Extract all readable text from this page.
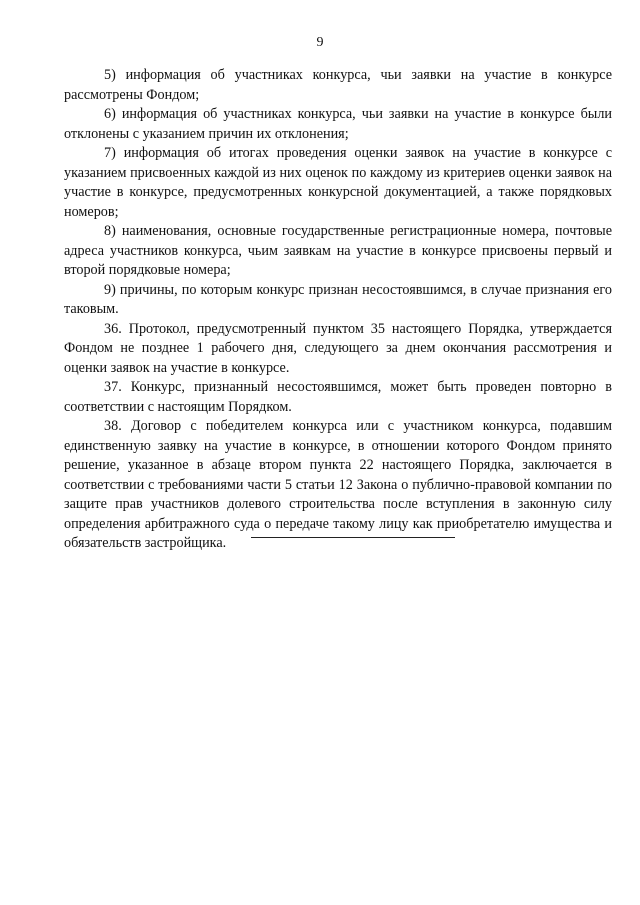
9

5) информация об участниках конкурса, чьи заявки на участие в конкурсе рассмотрены Фондом;

6) информация об участниках конкурса, чьи заявки на участие в конкурсе были отклонены с указанием причин их отклонения;

7) информация об итогах проведения оценки заявок на участие в конкурсе с указанием присвоенных каждой из них оценок по каждому из критериев оценки заявок на участие в конкурсе, предусмотренных конкурсной документацией, а также порядковых номеров;

8) наименования, основные государственные регистрационные номера, почтовые адреса участников конкурса, чьим заявкам на участие в конкурсе присвоены первый и второй порядковые номера;

9) причины, по которым конкурс признан несостоявшимся, в случае признания его таковым.

36. Протокол, предусмотренный пунктом 35 настоящего Порядка, утверждается Фондом не позднее 1 рабочего дня, следующего за днем окончания рассмотрения и оценки заявок на участие в конкурсе.

37. Конкурс, признанный несостоявшимся, может быть проведен повторно в соответствии с настоящим Порядком.

38. Договор с победителем конкурса или с участником конкурса, подавшим единственную заявку на участие в конкурсе, в отношении которого Фондом принято решение, указанное в абзаце втором пункта 22 настоящего Порядка, заключается в соответствии с требованиями части 5 статьи 12 Закона о публично-правовой компании по защите прав участников долевого строительства после вступления в законную силу определения арбитражного суда о передаче такому лицу как приобретателю имущества и обязательств застройщика.
